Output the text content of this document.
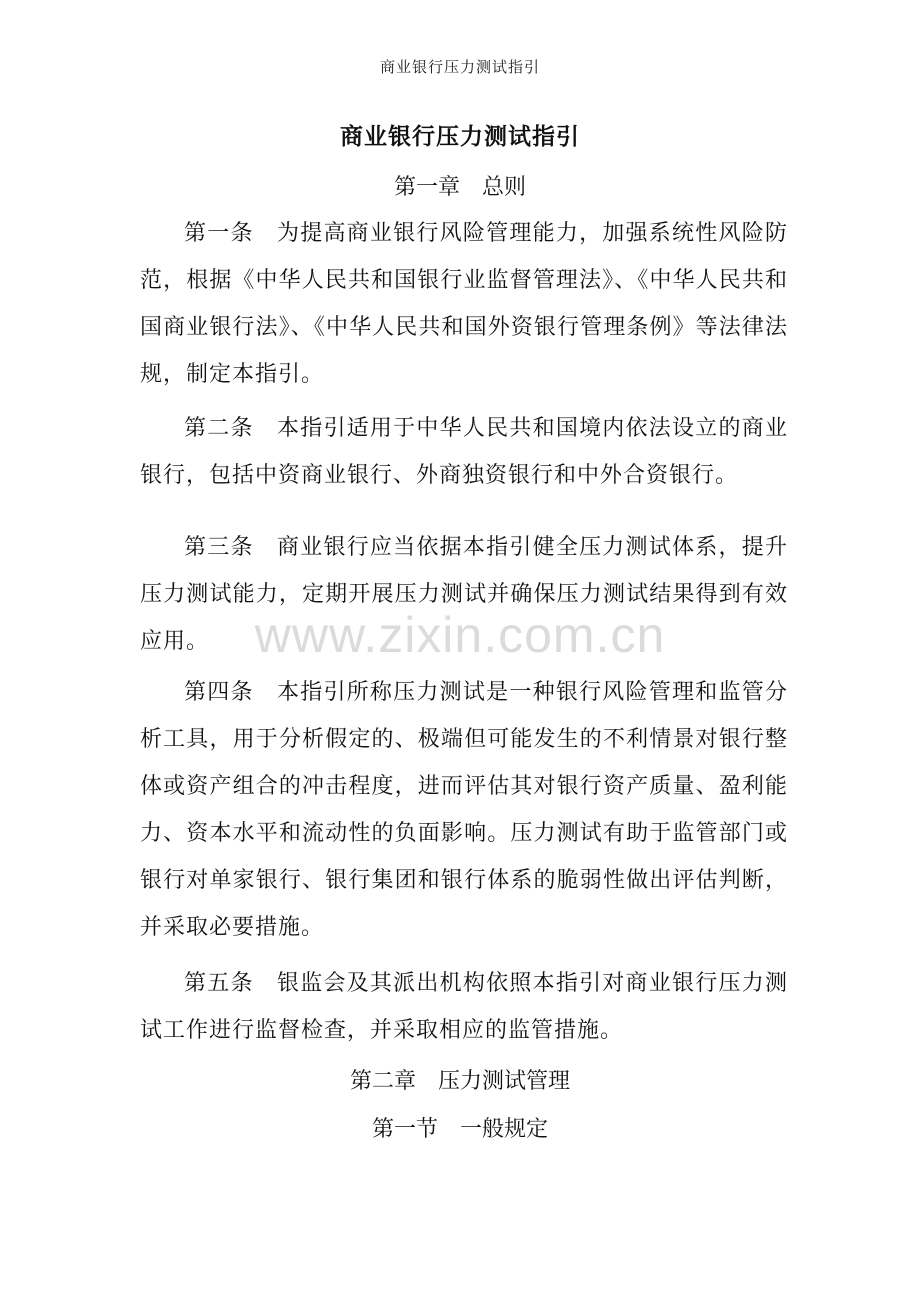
商业银行压力测试指引
商业银行压力测试指引
第一章　总则

第一条　为提高商业银行风险管理能力，加强系统性风险防范，根据《中华人民共和国银行业监督管理法》、《中华人民共和国商业银行法》、《中华人民共和国外资银行管理条例》等法律法规，制定本指引。

第二条　本指引适用于中华人民共和国境内依法设立的商业银行，包括中资商业银行、外商独资银行和中外合资银行。

第三条　商业银行应当依据本指引健全压力测试体系，提升压力测试能力，定期开展压力测试并确保压力测试结果得到有效应用。

第四条　本指引所称压力测试是一种银行风险管理和监管分析工具，用于分析假定的、极端但可能发生的不利情景对银行整体或资产组合的冲击程度，进而评估其对银行资产质量、盈利能力、资本水平和流动性的负面影响。压力测试有助于监管部门或银行对单家银行、银行集团和银行体系的脆弱性做出评估判断，并采取必要措施。

第五条　银监会及其派出机构依照本指引对商业银行压力测试工作进行监督检查，并采取相应的监管措施。

第二章　压力测试管理
第一节　一般规定
www.zixin.com.cn
